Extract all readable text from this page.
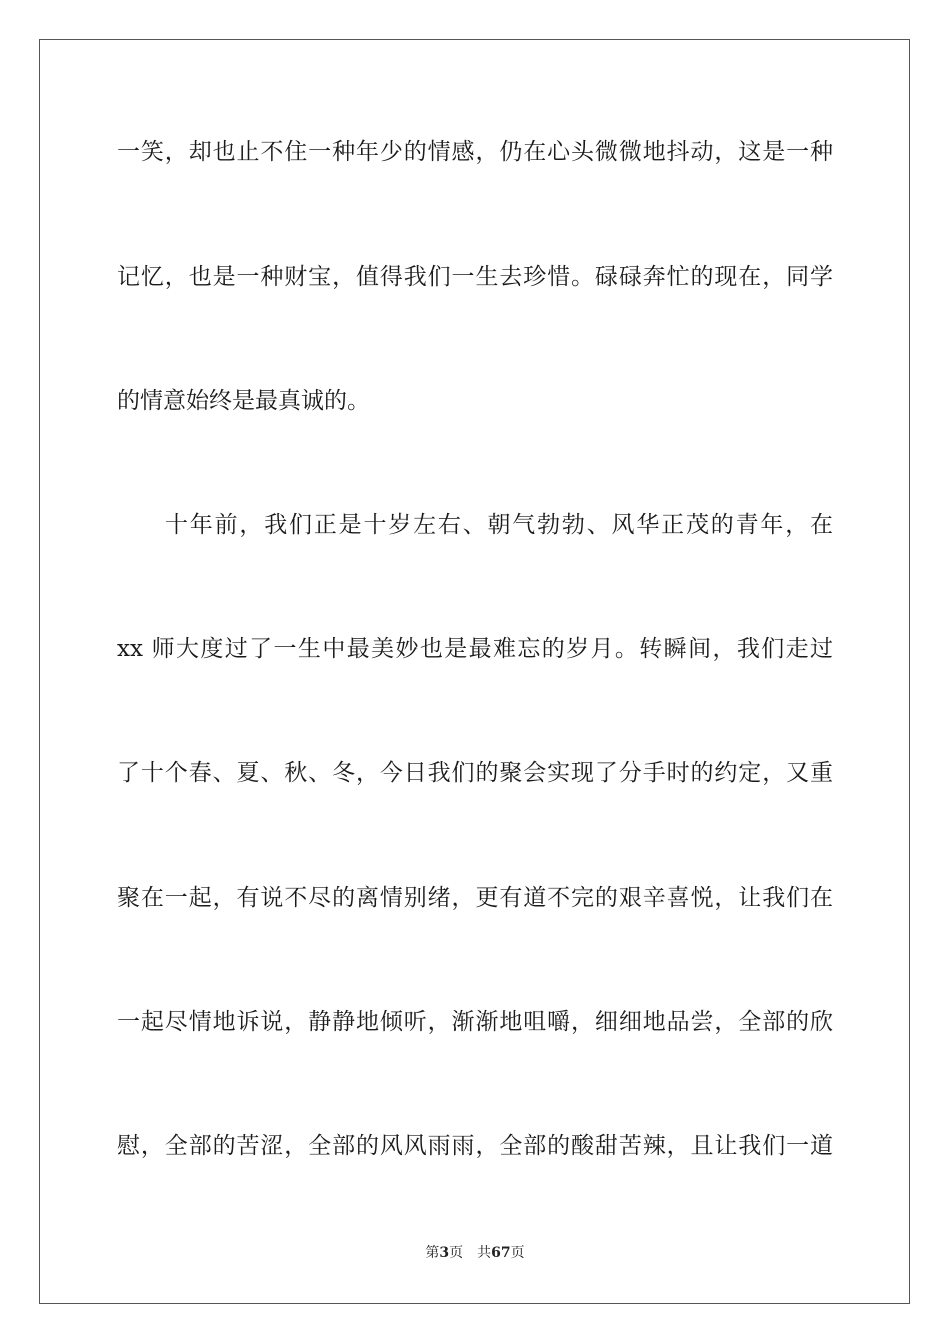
一笑，却也止不住一种年少的情感，仍在心头微微地抖动，这是一种
记忆，也是一种财宝，值得我们一生去珍惜。碌碌奔忙的现在，同学
的情意始终是最真诚的。
十年前，我们正是十岁左右、朝气勃勃、风华正茂的青年，在
xx 师大度过了一生中最美妙也是最难忘的岁月。转瞬间，我们走过
了十个春、夏、秋、冬，今日我们的聚会实现了分手时的约定，又重
聚在一起，有说不尽的离情别绪，更有道不完的艰辛喜悦，让我们在
一起尽情地诉说，静静地倾听，渐渐地咀嚼，细细地品尝，全部的欣
慰，全部的苦涩，全部的风风雨雨，全部的酸甜苦辣，且让我们一道
第3页 共67页
